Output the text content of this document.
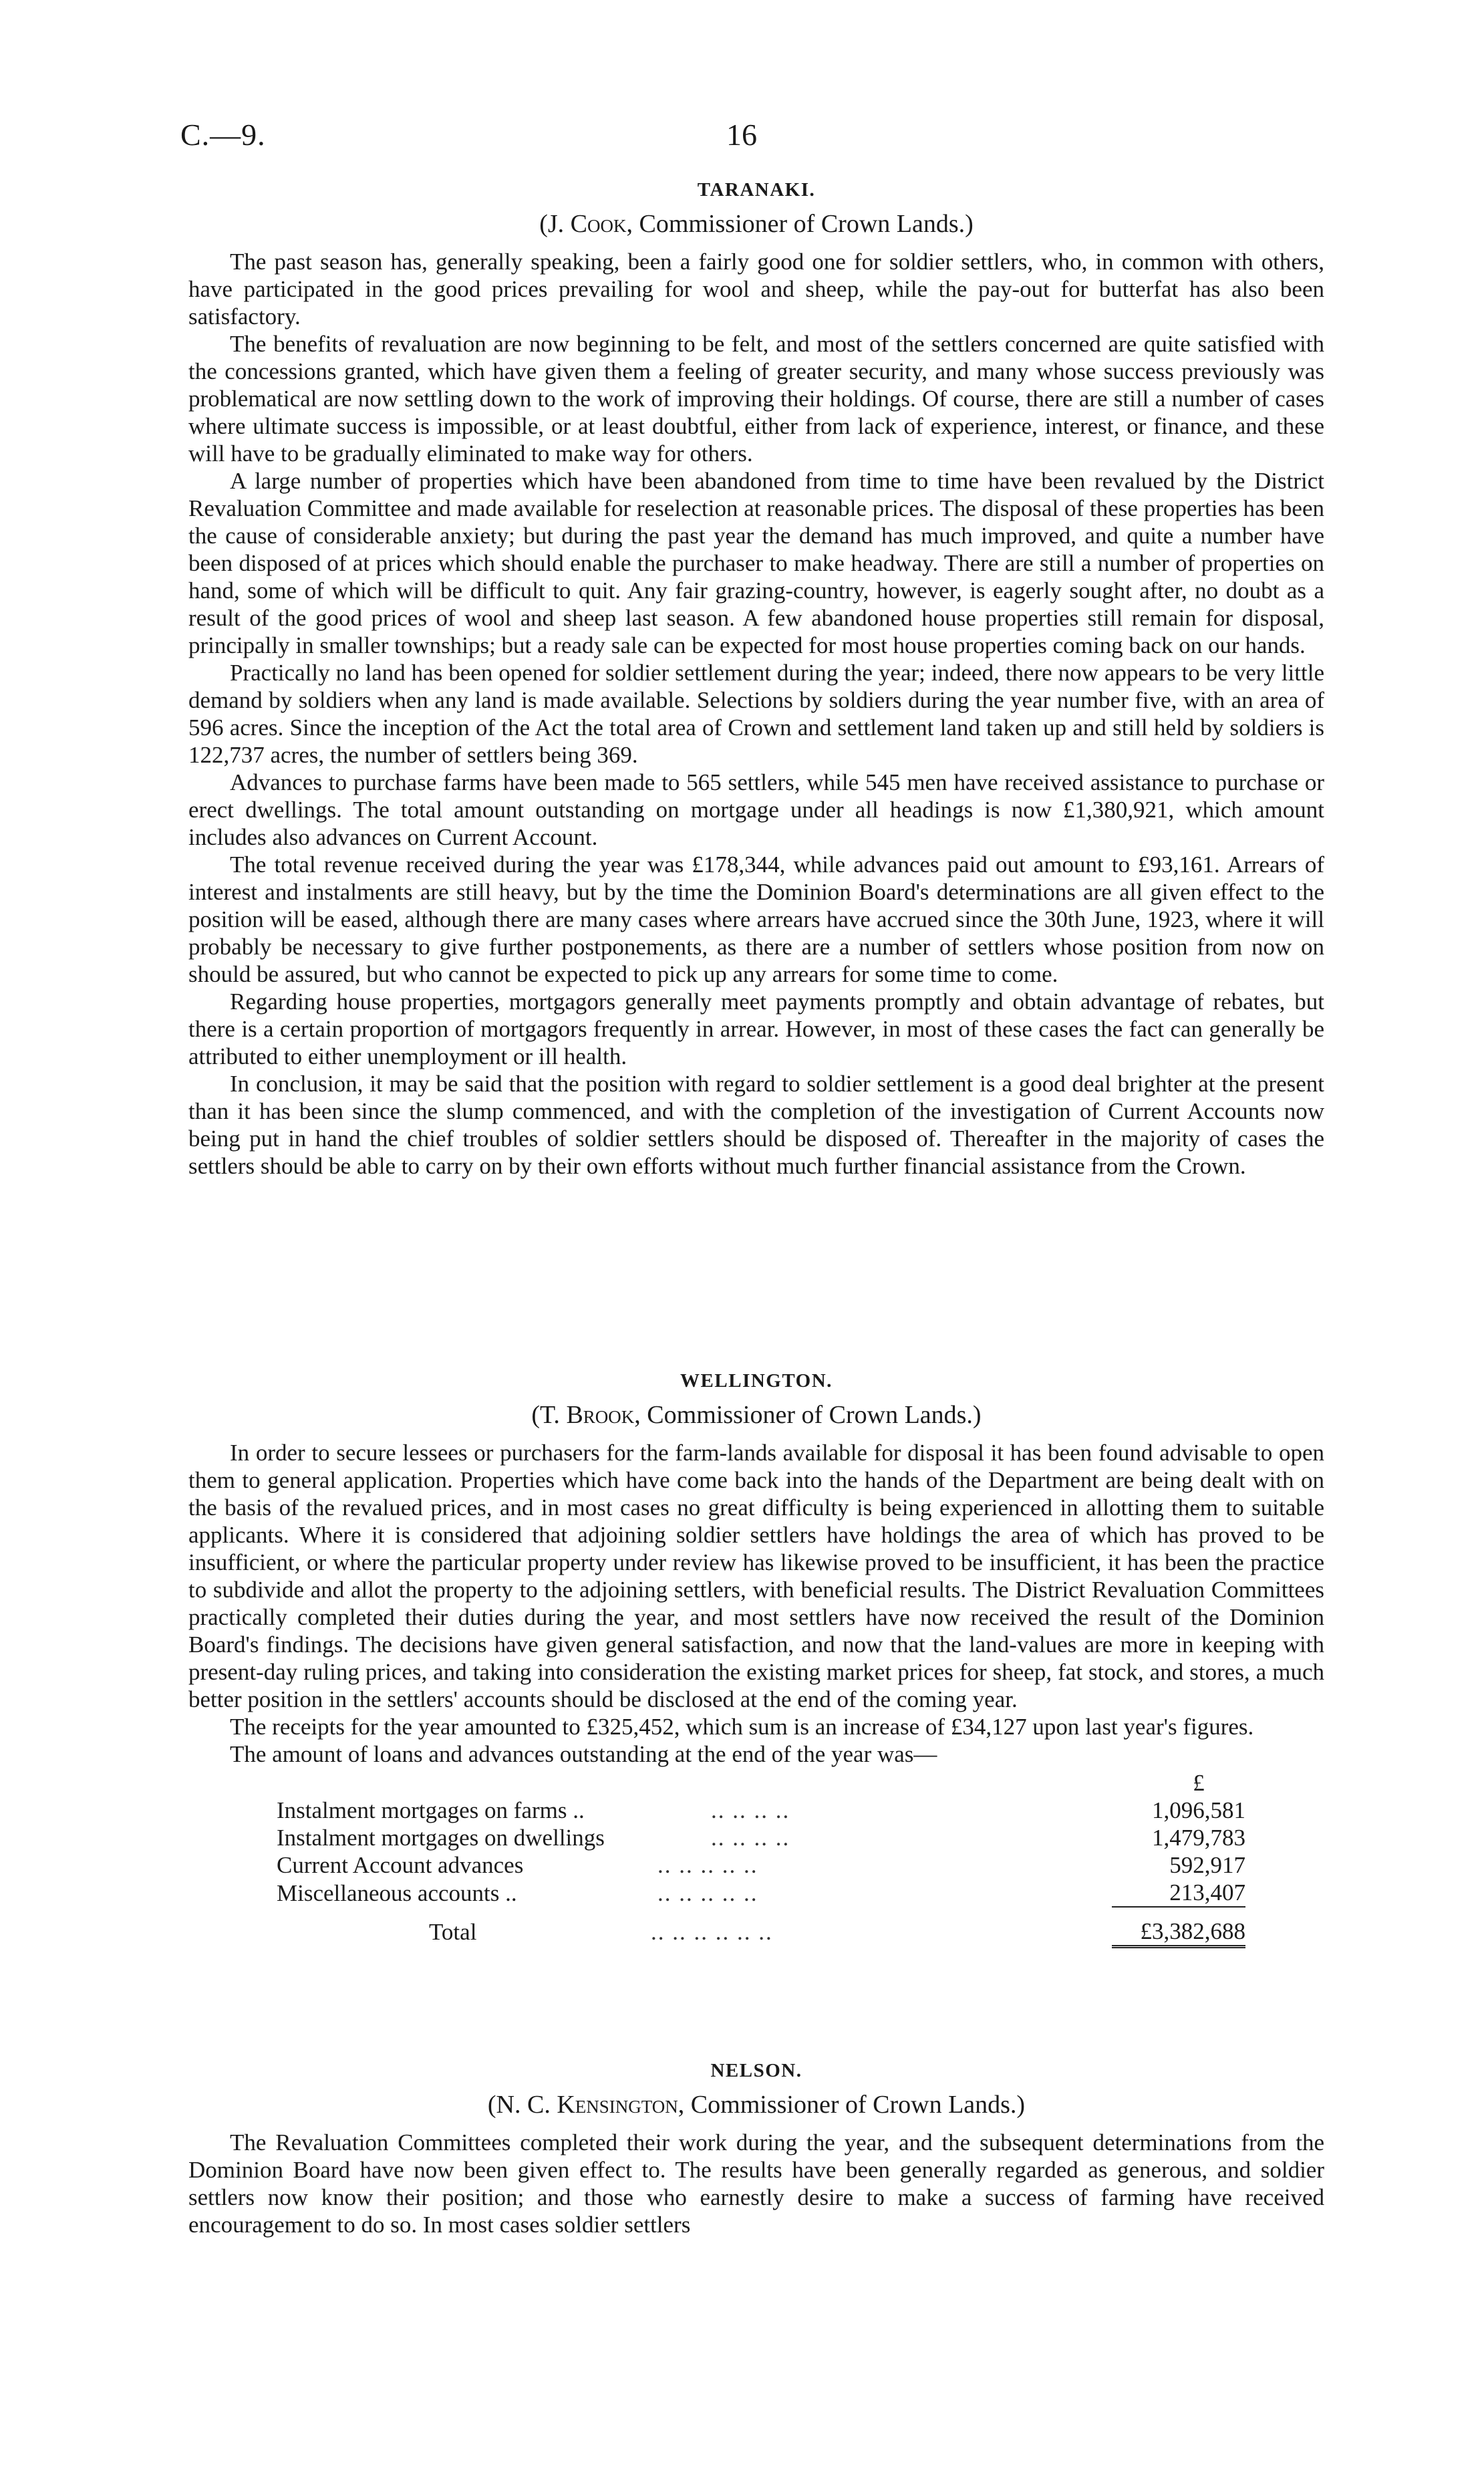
C.—9.	16
TARANAKI.

(J. Cook, Commissioner of Crown Lands.)

The past season has, generally speaking, been a fairly good one for soldier settlers, who, in common with others, have participated in the good prices prevailing for wool and sheep, while the pay-out for butterfat has also been satisfactory.

The benefits of revaluation are now beginning to be felt, and most of the settlers concerned are quite satisfied with the concessions granted, which have given them a feeling of greater security, and many whose success previously was problematical are now settling down to the work of improving their holdings. Of course, there are still a number of cases where ultimate success is impossible, or at least doubtful, either from lack of experience, interest, or finance, and these will have to be gradually eliminated to make way for others.

A large number of properties which have been abandoned from time to time have been revalued by the District Revaluation Committee and made available for reselection at reasonable prices. The disposal of these properties has been the cause of considerable anxiety; but during the past year the demand has much improved, and quite a number have been disposed of at prices which should enable the purchaser to make headway. There are still a number of properties on hand, some of which will be difficult to quit. Any fair grazing-country, however, is eagerly sought after, no doubt as a result of the good prices of wool and sheep last season. A few abandoned house properties still remain for disposal, principally in smaller townships; but a ready sale can be expected for most house properties coming back on our hands.

Practically no land has been opened for soldier settlement during the year; indeed, there now appears to be very little demand by soldiers when any land is made available. Selections by soldiers during the year number five, with an area of 596 acres. Since the inception of the Act the total area of Crown and settlement land taken up and still held by soldiers is 122,737 acres, the number of settlers being 369.

Advances to purchase farms have been made to 565 settlers, while 545 men have received assistance to purchase or erect dwellings. The total amount outstanding on mortgage under all headings is now £1,380,921, which amount includes also advances on Current Account.

The total revenue received during the year was £178,344, while advances paid out amount to £93,161. Arrears of interest and instalments are still heavy, but by the time the Dominion Board's determinations are all given effect to the position will be eased, although there are many cases where arrears have accrued since the 30th June, 1923, where it will probably be necessary to give further postponements, as there are a number of settlers whose position from now on should be assured, but who cannot be expected to pick up any arrears for some time to come.

Regarding house properties, mortgagors generally meet payments promptly and obtain advantage of rebates, but there is a certain proportion of mortgagors frequently in arrear. However, in most of these cases the fact can generally be attributed to either unemployment or ill health.

In conclusion, it may be said that the position with regard to soldier settlement is a good deal brighter at the present than it has been since the slump commenced, and with the completion of the investigation of Current Accounts now being put in hand the chief troubles of soldier settlers should be disposed of. Thereafter in the majority of cases the settlers should be able to carry on by their own efforts without much further financial assistance from the Crown.

WELLINGTON.

(T. Brook, Commissioner of Crown Lands.)

In order to secure lessees or purchasers for the farm-lands available for disposal it has been found advisable to open them to general application. Properties which have come back into the hands of the Department are being dealt with on the basis of the revalued prices, and in most cases no great difficulty is being experienced in allotting them to suitable applicants. Where it is considered that adjoining soldier settlers have holdings the area of which has proved to be insufficient, or where the particular property under review has likewise proved to be insufficient, it has been the practice to subdivide and allot the property to the adjoining settlers, with beneficial results. The District Revaluation Committees practically completed their duties during the year, and most settlers have now received the result of the Dominion Board's findings. The decisions have given general satisfaction, and now that the land-values are more in keeping with present-day ruling prices, and taking into consideration the existing market prices for sheep, fat stock, and stores, a much better position in the settlers' accounts should be disclosed at the end of the coming year.

The receipts for the year amounted to £325,452, which sum is an increase of £34,127 upon last year's figures.

The amount of loans and advances outstanding at the end of the year was—

		£
Instalment mortgages on farms ..	.. .. .. ..	1,096,581
Instalment mortgages on dwellings	.. .. .. ..	1,479,783
Current Account advances	.. .. .. .. ..	592,917
Miscellaneous accounts ..	.. .. .. .. ..	213,407

Total	.. .. .. .. .. ..	£3,382,688
NELSON.

(N. C. Kensington, Commissioner of Crown Lands.)

The Revaluation Committees completed their work during the year, and the subsequent determinations from the Dominion Board have now been given effect to. The results have been generally regarded as generous, and soldier settlers now know their position; and those who earnestly desire to make a success of farming have received encouragement to do so. In most cases soldier settlers
